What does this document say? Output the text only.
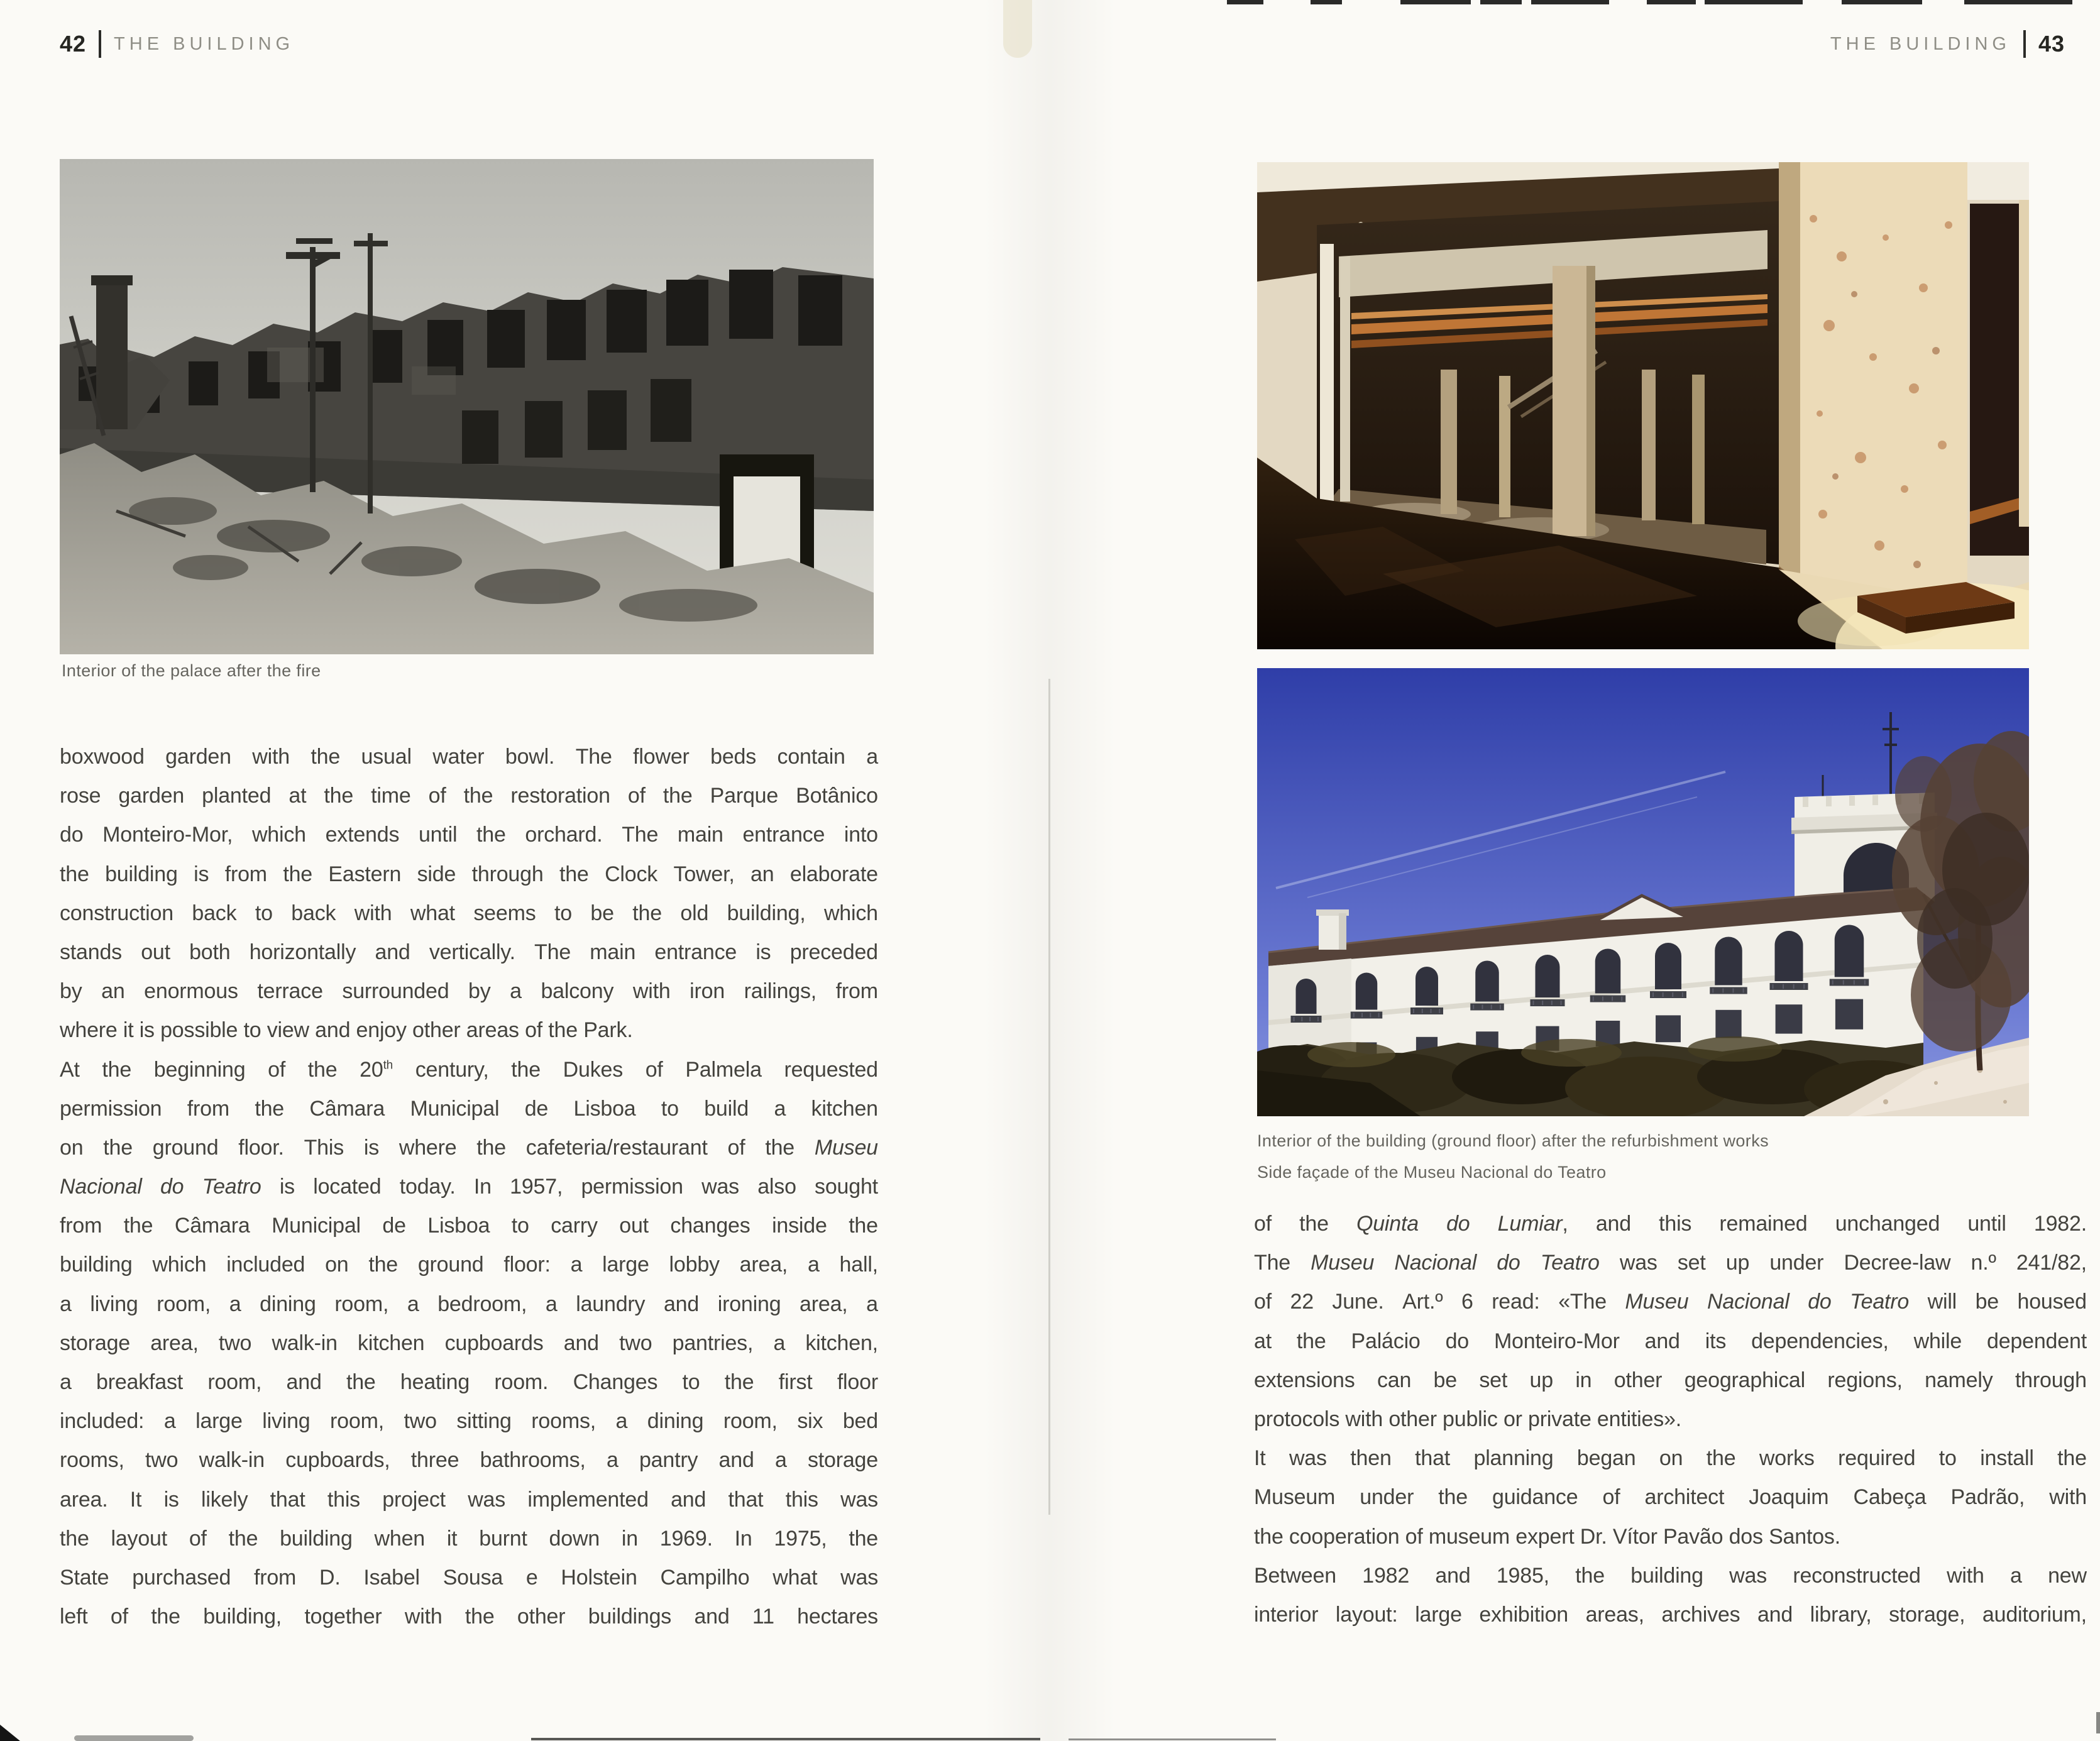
42 THE BUILDING
Interior of the palace after the fire
boxwood garden with the usual water bowl. The flower beds contain a
rose garden planted at the time of the restoration of the Parque Botânico
do Monteiro-Mor, which extends until the orchard. The main entrance into
the building is from the Eastern side through the Clock Tower, an elaborate
construction back to back with what seems to be the old building, which
stands out both horizontally and vertically. The main entrance is preceded
by an enormous terrace surrounded by a balcony with iron railings, from
where it is possible to view and enjoy other areas of the Park.
At the beginning of the 20th century, the Dukes of Palmela requested
permission from the Câmara Municipal de Lisboa to build a kitchen
on the ground floor. This is where the cafeteria/restaurant of the Museu
Nacional do Teatro is located today. In 1957, permission was also sought
from the Câmara Municipal de Lisboa to carry out changes inside the
building which included on the ground floor: a large lobby area, a hall,
a living room, a dining room, a bedroom, a laundry and ironing area, a
storage area, two walk-in kitchen cupboards and two pantries, a kitchen,
a breakfast room, and the heating room. Changes to the first floor
included: a large living room, two sitting rooms, a dining room, six bed
rooms, two walk-in cupboards, three bathrooms, a pantry and a storage
area. It is likely that this project was implemented and that this was
the layout of the building when it burnt down in 1969. In 1975, the
State purchased from D. Isabel Sousa e Holstein Campilho what was
left of the building, together with the other buildings and 11 hectares
THE BUILDING 43
Interior of the building (ground floor) after the refurbishment works
Side façade of the Museu Nacional do Teatro
of the Quinta do Lumiar, and this remained unchanged until 1982.
The Museu Nacional do Teatro was set up under Decree-law n.º 241/82,
of 22 June. Art.º 6 read: «The Museu Nacional do Teatro will be housed
at the Palácio do Monteiro-Mor and its dependencies, while dependent
extensions can be set up in other geographical regions, namely through
protocols with other public or private entities».
It was then that planning began on the works required to install the
Museum under the guidance of architect Joaquim Cabeça Padrão, with
the cooperation of museum expert Dr. Vítor Pavão dos Santos.
Between 1982 and 1985, the building was reconstructed with a new
interior layout: large exhibition areas, archives and library, storage, auditorium,
